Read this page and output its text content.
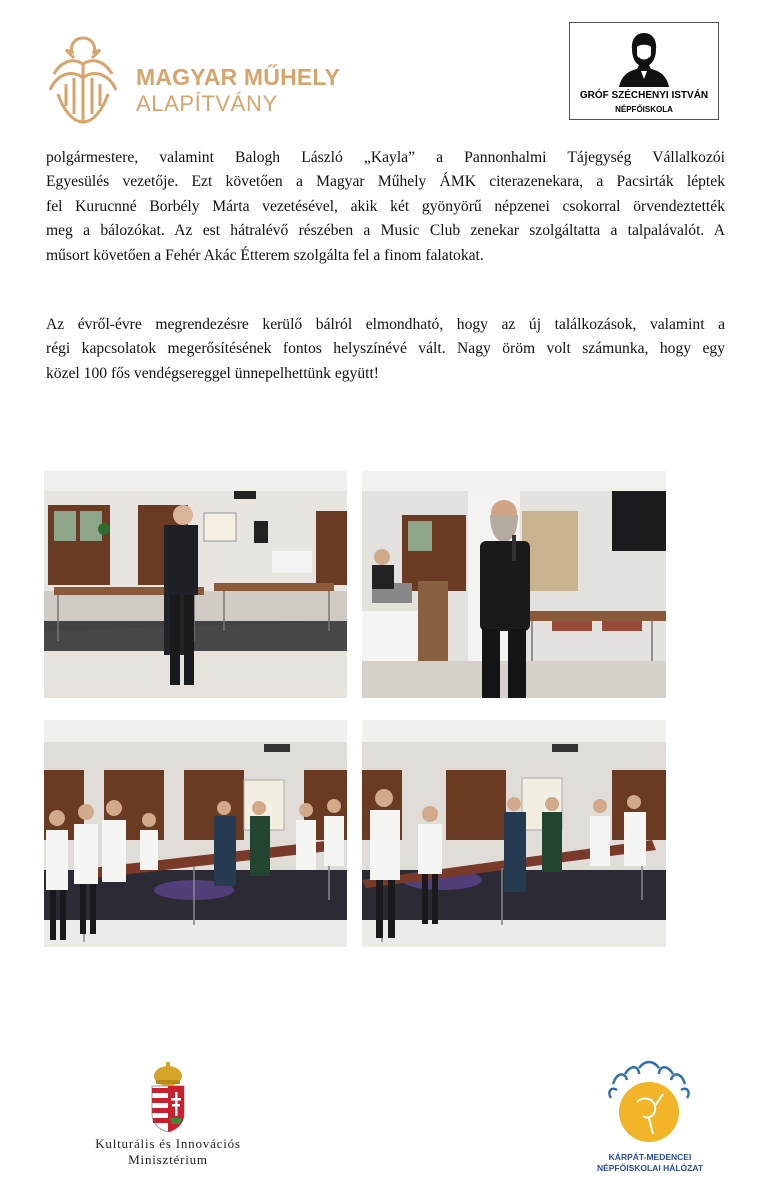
MAGYAR MŰHELY
ALAPÍTVÁNY	GRÓF SZÉCHENYI ISTVÁN
NÉPFŐISKOLA
polgármestere, valamint Balogh László „Kayla” a Pannonhalmi Tájegység Vállalkozói
Egyesülés vezetője. Ezt követően a Magyar Műhely ÁMK citerazenekara, a Pacsirták léptek
fel Kurucnné Borbély Márta vezetésével, akik két gyönyörű népzenei csokorral örvendeztették
meg a bálozókat. Az est hátralévő részében a Music Club zenekar szolgáltatta a talpalávalót. A
műsort követően a Fehér Akác Étterem szolgálta fel a finom falatokat.
Az évről-évre megrendezésre kerülő bálról elmondható, hogy az új találkozások, valamint a
régi kapcsolatok megerősítésének fontos helyszínévé vált. Nagy öröm volt számunka, hogy egy
közel 100 fős vendégsereggel ünnepelhettünk együtt!
Kulturális és Innovációs
Minisztérium	KÁRPÁT-MEDENCEI
NÉPFŐISKOLAI HÁLÓZAT
